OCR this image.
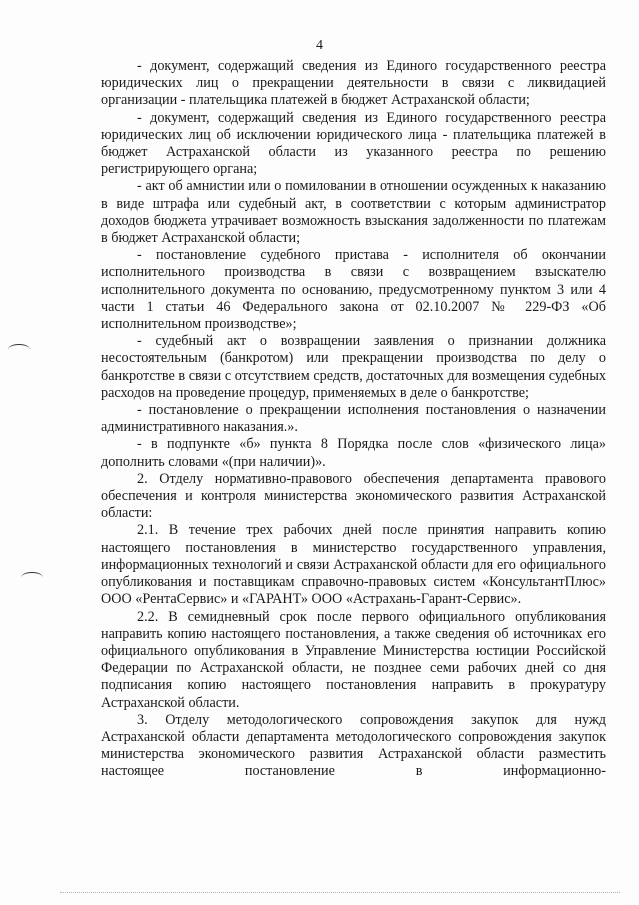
4

- документ, содержащий сведения из Единого государственного реестра юридических лиц о прекращении деятельности в связи с ликвидацией организации - плательщика платежей в бюджет Астраханской области;

- документ, содержащий сведения из Единого государственного реестра юридических лиц об исключении юридического лица - плательщика платежей в бюджет Астраханской области из указанного реестра по решению регистрирующего органа;

- акт об амнистии или о помиловании в отношении осужденных к наказанию в виде штрафа или судебный акт, в соответствии с которым администратор доходов бюджета утрачивает возможность взыскания задолженности по платежам в бюджет Астраханской области;

- постановление судебного пристава - исполнителя об окончании исполнительного производства в связи с возвращением взыскателю исполнительного документа по основанию, предусмотренному пунктом 3 или 4 части 1 статьи 46 Федерального закона от 02.10.2007 № 229-ФЗ «Об исполнительном производстве»;

- судебный акт о возвращении заявления о признании должника несостоятельным (банкротом) или прекращении производства по делу о банкротстве в связи с отсутствием средств, достаточных для возмещения судебных расходов на проведение процедур, применяемых в деле о банкротстве;

- постановление о прекращении исполнения постановления о назначении административного наказания.».

- в подпункте «б» пункта 8 Порядка после слов «физического лица» дополнить словами «(при наличии)».

2. Отделу нормативно-правового обеспечения департамента правового обеспечения и контроля министерства экономического развития Астраханской области:

2.1. В течение трех рабочих дней после принятия направить копию настоящего постановления в министерство государственного управления, информационных технологий и связи Астраханской области для его официального опубликования и поставщикам справочно-правовых систем «КонсультантПлюс» ООО «РентаСервис» и «ГАРАНТ» ООО «Астрахань-Гарант-Сервис».

2.2. В семидневный срок после первого официального опубликования направить копию настоящего постановления, а также сведения об источниках его официального опубликования в Управление Министерства юстиции Российской Федерации по Астраханской области, не позднее семи рабочих дней со дня подписания копию настоящего постановления направить в прокуратуру Астраханской области.

3. Отделу методологического сопровождения закупок для нужд Астраханской области департамента методологического сопровождения закупок министерства экономического развития Астраханской области разместить настоящее постановление в информационно-
